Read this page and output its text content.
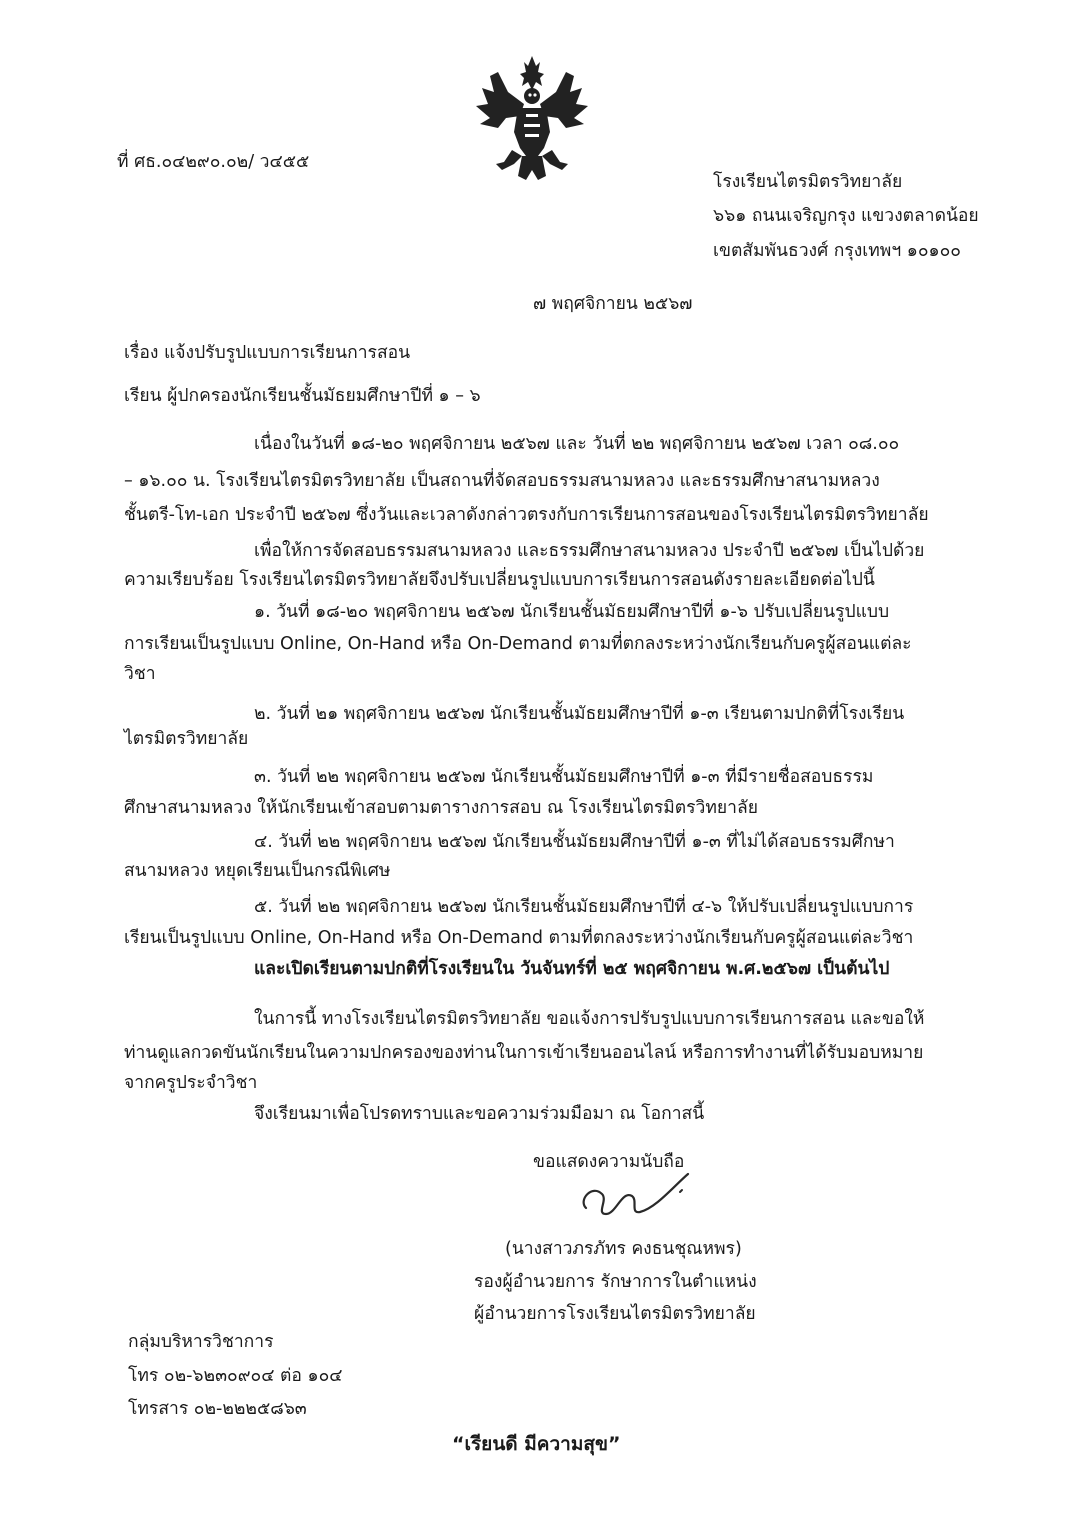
ที่ ศธ.๐๔๒๙๐.๐๒/ ว๔๕๕
โรงเรียนไตรมิตรวิทยาลัย
๖๖๑ ถนนเจริญกรุง แขวงตลาดน้อย
เขตสัมพันธวงศ์ กรุงเทพฯ ๑๐๑๐๐
๗ พฤศจิกายน ๒๕๖๗
เรื่อง แจ้งปรับรูปแบบการเรียนการสอน
เรียน ผู้ปกครองนักเรียนชั้นมัธยมศึกษาปีที่ ๑ – ๖
เนื่องในวันที่ ๑๘-๒๐ พฤศจิกายน ๒๕๖๗ และ วันที่ ๒๒ พฤศจิกายน ๒๕๖๗ เวลา ๐๘.๐๐
– ๑๖.๐๐ น. โรงเรียนไตรมิตรวิทยาลัย เป็นสถานที่จัดสอบธรรมสนามหลวง และธรรมศึกษาสนามหลวง
ชั้นตรี-โท-เอก ประจำปี ๒๕๖๗ ซึ่งวันและเวลาดังกล่าวตรงกับการเรียนการสอนของโรงเรียนไตรมิตรวิทยาลัย
เพื่อให้การจัดสอบธรรมสนามหลวง และธรรมศึกษาสนามหลวง ประจำปี ๒๕๖๗ เป็นไปด้วย
ความเรียบร้อย โรงเรียนไตรมิตรวิทยาลัยจึงปรับเปลี่ยนรูปแบบการเรียนการสอนดังรายละเอียดต่อไปนี้
๑. วันที่ ๑๘-๒๐ พฤศจิกายน ๒๕๖๗ นักเรียนชั้นมัธยมศึกษาปีที่ ๑-๖ ปรับเปลี่ยนรูปแบบ
การเรียนเป็นรูปแบบ Online, On-Hand หรือ On-Demand ตามที่ตกลงระหว่างนักเรียนกับครูผู้สอนแต่ละ
วิชา
๒. วันที่ ๒๑ พฤศจิกายน ๒๕๖๗ นักเรียนชั้นมัธยมศึกษาปีที่ ๑-๓ เรียนตามปกติที่โรงเรียน
ไตรมิตรวิทยาลัย
๓. วันที่ ๒๒ พฤศจิกายน ๒๕๖๗ นักเรียนชั้นมัธยมศึกษาปีที่ ๑-๓ ที่มีรายชื่อสอบธรรม
ศึกษาสนามหลวง ให้นักเรียนเข้าสอบตามตารางการสอบ ณ โรงเรียนไตรมิตรวิทยาลัย
๔. วันที่ ๒๒ พฤศจิกายน ๒๕๖๗ นักเรียนชั้นมัธยมศึกษาปีที่ ๑-๓ ที่ไม่ได้สอบธรรมศึกษา
สนามหลวง หยุดเรียนเป็นกรณีพิเศษ
๕. วันที่ ๒๒ พฤศจิกายน ๒๕๖๗ นักเรียนชั้นมัธยมศึกษาปีที่ ๔-๖ ให้ปรับเปลี่ยนรูปแบบการ
เรียนเป็นรูปแบบ Online, On-Hand หรือ On-Demand ตามที่ตกลงระหว่างนักเรียนกับครูผู้สอนแต่ละวิชา
และเปิดเรียนตามปกติที่โรงเรียนใน วันจันทร์ที่ ๒๕ พฤศจิกายน พ.ศ.๒๕๖๗ เป็นต้นไป
ในการนี้ ทางโรงเรียนไตรมิตรวิทยาลัย ขอแจ้งการปรับรูปแบบการเรียนการสอน และขอให้
ท่านดูแลกวดขันนักเรียนในความปกครองของท่านในการเข้าเรียนออนไลน์ หรือการทำงานที่ได้รับมอบหมาย
จากครูประจำวิชา
จึงเรียนมาเพื่อโปรดทราบและขอความร่วมมือมา ณ โอกาสนี้
ขอแสดงความนับถือ
(นางสาวภรภัทร คงธนชุณหพร)
รองผู้อำนวยการ รักษาการในตำแหน่ง
ผู้อำนวยการโรงเรียนไตรมิตรวิทยาลัย
กลุ่มบริหารวิชาการ
โทร ๐๒-๖๒๓๐๙๐๔ ต่อ ๑๐๔
โทรสาร ๐๒-๒๒๒๕๘๖๓
“เรียนดี มีความสุข”
